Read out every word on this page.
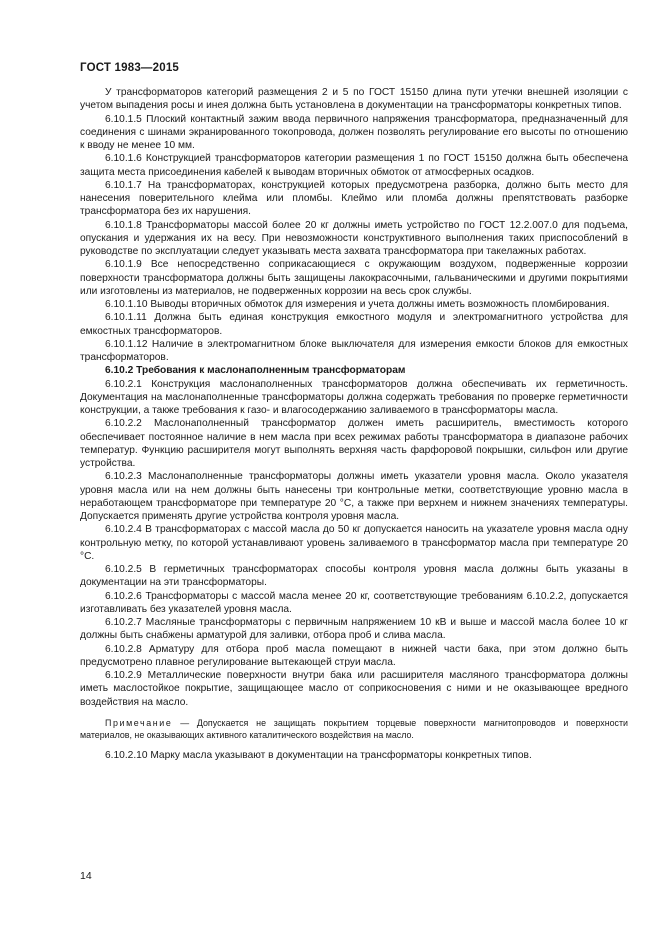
ГОСТ 1983—2015

У трансформаторов категорий размещения 2 и 5 по ГОСТ 15150 длина пути утечки внешней изоляции с учетом выпадения росы и инея должна быть установлена в документации на трансформаторы конкретных типов.

6.10.1.5 Плоский контактный зажим ввода первичного напряжения трансформатора, предназначенный для соединения с шинами экранированного токопровода, должен позволять регулирование его высоты по отношению к вводу не менее 10 мм.

6.10.1.6 Конструкцией трансформаторов категории размещения 1 по ГОСТ 15150 должна быть обеспечена защита места присоединения кабелей к выводам вторичных обмоток от атмосферных осадков.

6.10.1.7 На трансформаторах, конструкцией которых предусмотрена разборка, должно быть место для нанесения поверительного клейма или пломбы. Клеймо или пломба должны препятствовать разборке трансформатора без их нарушения.

6.10.1.8 Трансформаторы массой более 20 кг должны иметь устройство по ГОСТ 12.2.007.0 для подъема, опускания и удержания их на весу. При невозможности конструктивного выполнения таких приспособлений в руководстве по эксплуатации следует указывать места захвата трансформатора при такелажных работах.

6.10.1.9 Все непосредственно соприкасающиеся с окружающим воздухом, подверженные коррозии поверхности трансформатора должны быть защищены лакокрасочными, гальваническими и другими покрытиями или изготовлены из материалов, не подверженных коррозии на весь срок службы.

6.10.1.10 Выводы вторичных обмоток для измерения и учета должны иметь возможность пломбирования.

6.10.1.11 Должна быть единая конструкция емкостного модуля и электромагнитного устройства для емкостных трансформаторов.

6.10.1.12 Наличие в электромагнитном блоке выключателя для измерения емкости блоков для емкостных трансформаторов.

6.10.2 Требования к маслонаполненным трансформаторам

6.10.2.1 Конструкция маслонаполненных трансформаторов должна обеспечивать их герметичность. Документация на маслонаполненные трансформаторы должна содержать требования по проверке герметичности конструкции, а также требования к газо- и влагосодержанию заливаемого в трансформаторы масла.

6.10.2.2 Маслонаполненный трансформатор должен иметь расширитель, вместимость которого обеспечивает постоянное наличие в нем масла при всех режимах работы трансформатора в диапазоне рабочих температур. Функцию расширителя могут выполнять верхняя часть фарфоровой покрышки, сильфон или другие устройства.

6.10.2.3 Маслонаполненные трансформаторы должны иметь указатели уровня масла. Около указателя уровня масла или на нем должны быть нанесены три контрольные метки, соответствующие уровню масла в неработающем трансформаторе при температуре 20 °С, а также при верхнем и нижнем значениях температуры. Допускается применять другие устройства контроля уровня масла.

6.10.2.4 В трансформаторах с массой масла до 50 кг допускается наносить на указателе уровня масла одну контрольную метку, по которой устанавливают уровень заливаемого в трансформатор масла при температуре 20 °С.

6.10.2.5 В герметичных трансформаторах способы контроля уровня масла должны быть указаны в документации на эти трансформаторы.

6.10.2.6 Трансформаторы с массой масла менее 20 кг, соответствующие требованиям 6.10.2.2, допускается изготавливать без указателей уровня масла.

6.10.2.7 Масляные трансформаторы с первичным напряжением 10 кВ и выше и массой масла более 10 кг должны быть снабжены арматурой для заливки, отбора проб и слива масла.

6.10.2.8 Арматуру для отбора проб масла помещают в нижней части бака, при этом должно быть предусмотрено плавное регулирование вытекающей струи масла.

6.10.2.9 Металлические поверхности внутри бака или расширителя масляного трансформатора должны иметь маслостойкое покрытие, защищающее масло от соприкосновения с ними и не оказывающее вредного воздействия на масло.

Примечание — Допускается не защищать покрытием торцевые поверхности магнитопроводов и поверхности материалов, не оказывающих активного каталитического воздействия на масло.

6.10.2.10 Марку масла указывают в документации на трансформаторы конкретных типов.

14
